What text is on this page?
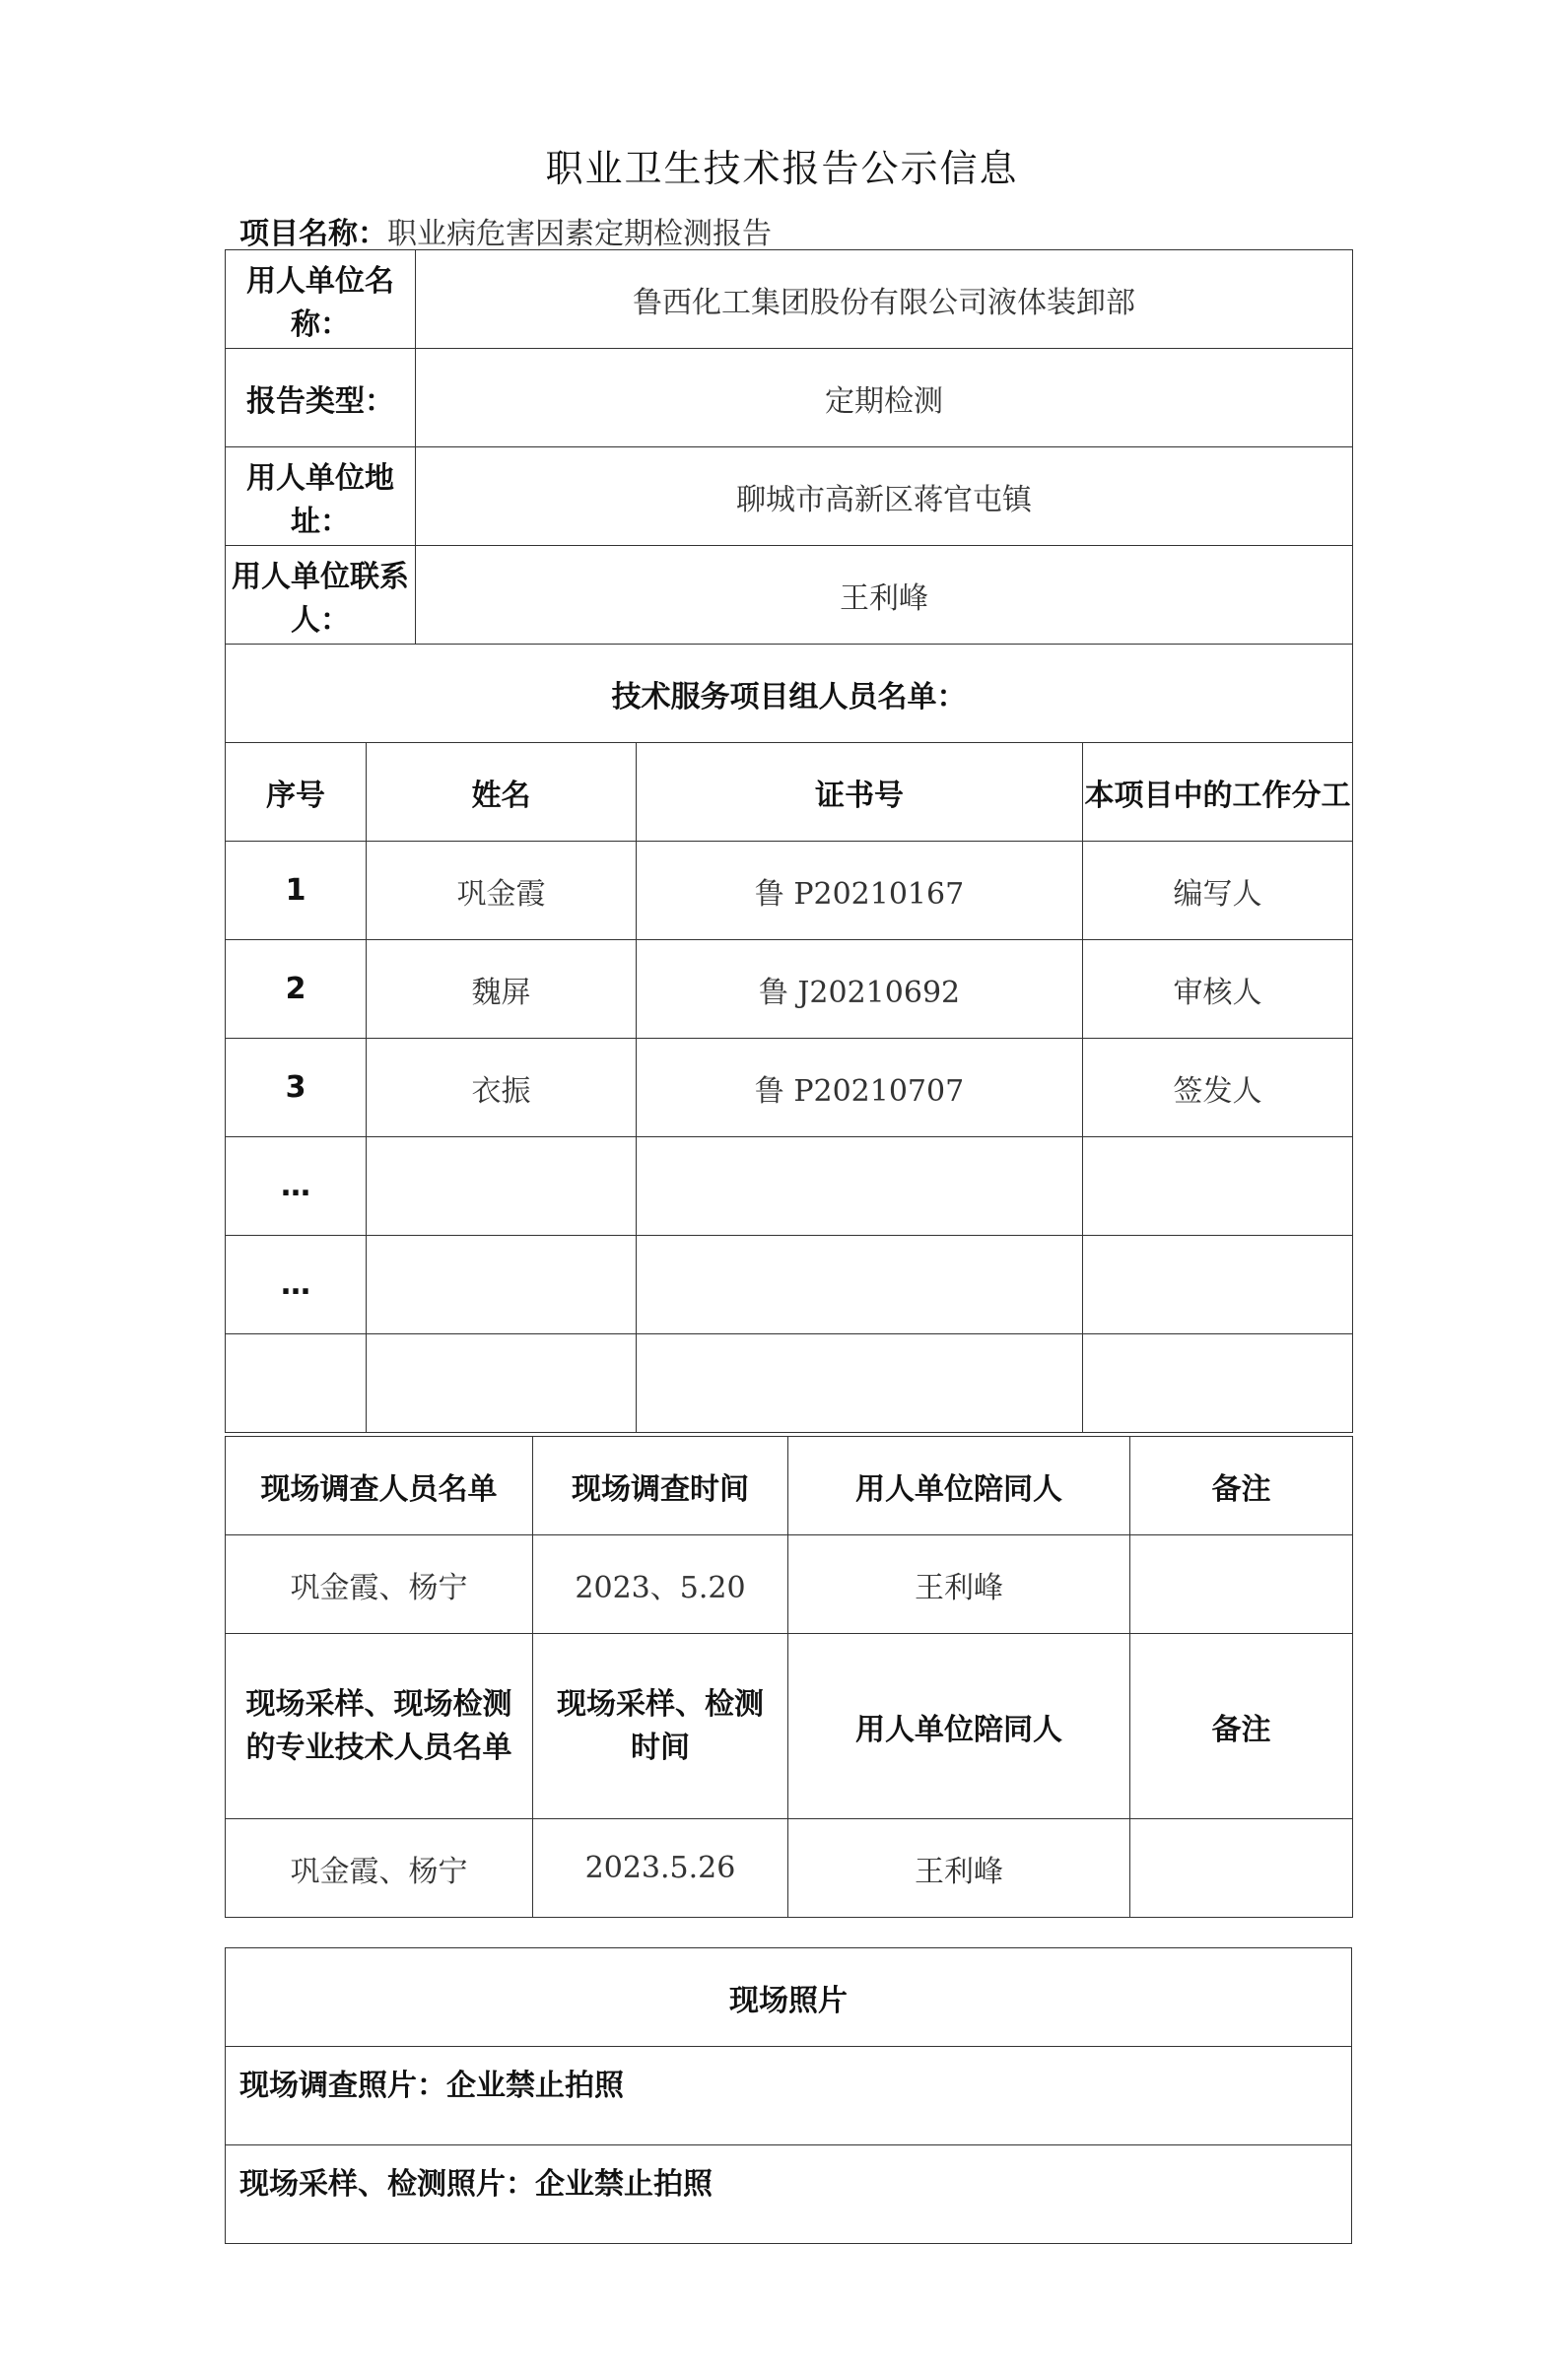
职业卫生技术报告公示信息
项目名称：职业病危害因素定期检测报告
用人单位名称：		鲁西化工集团股份有限公司液体装卸部		
报告类型：		定期检测		
用人单位地址：		聊城市高新区蒋官屯镇		
用人单位联系人：		王利峰		
技术服务项目组人员名单：				
序号	姓名		证书号	本项目中的工作分工
1	巩金霞		鲁 P20210167	编写人
2	魏屏		鲁 J20210692	审核人
3	衣振		鲁 P20210707	签发人
…				
…				

现场调查人员名单	现场调查时间	用人单位陪同人	备注
巩金霞、杨宁	2023、5.20	王利峰	
现场采样、现场检测的专业技术人员名单	现场采样、检测时间	用人单位陪同人	备注
巩金霞、杨宁	2023.5.26	王利峰	
现场照片
现场调查照片：企业禁止拍照
现场采样、检测照片：企业禁止拍照
